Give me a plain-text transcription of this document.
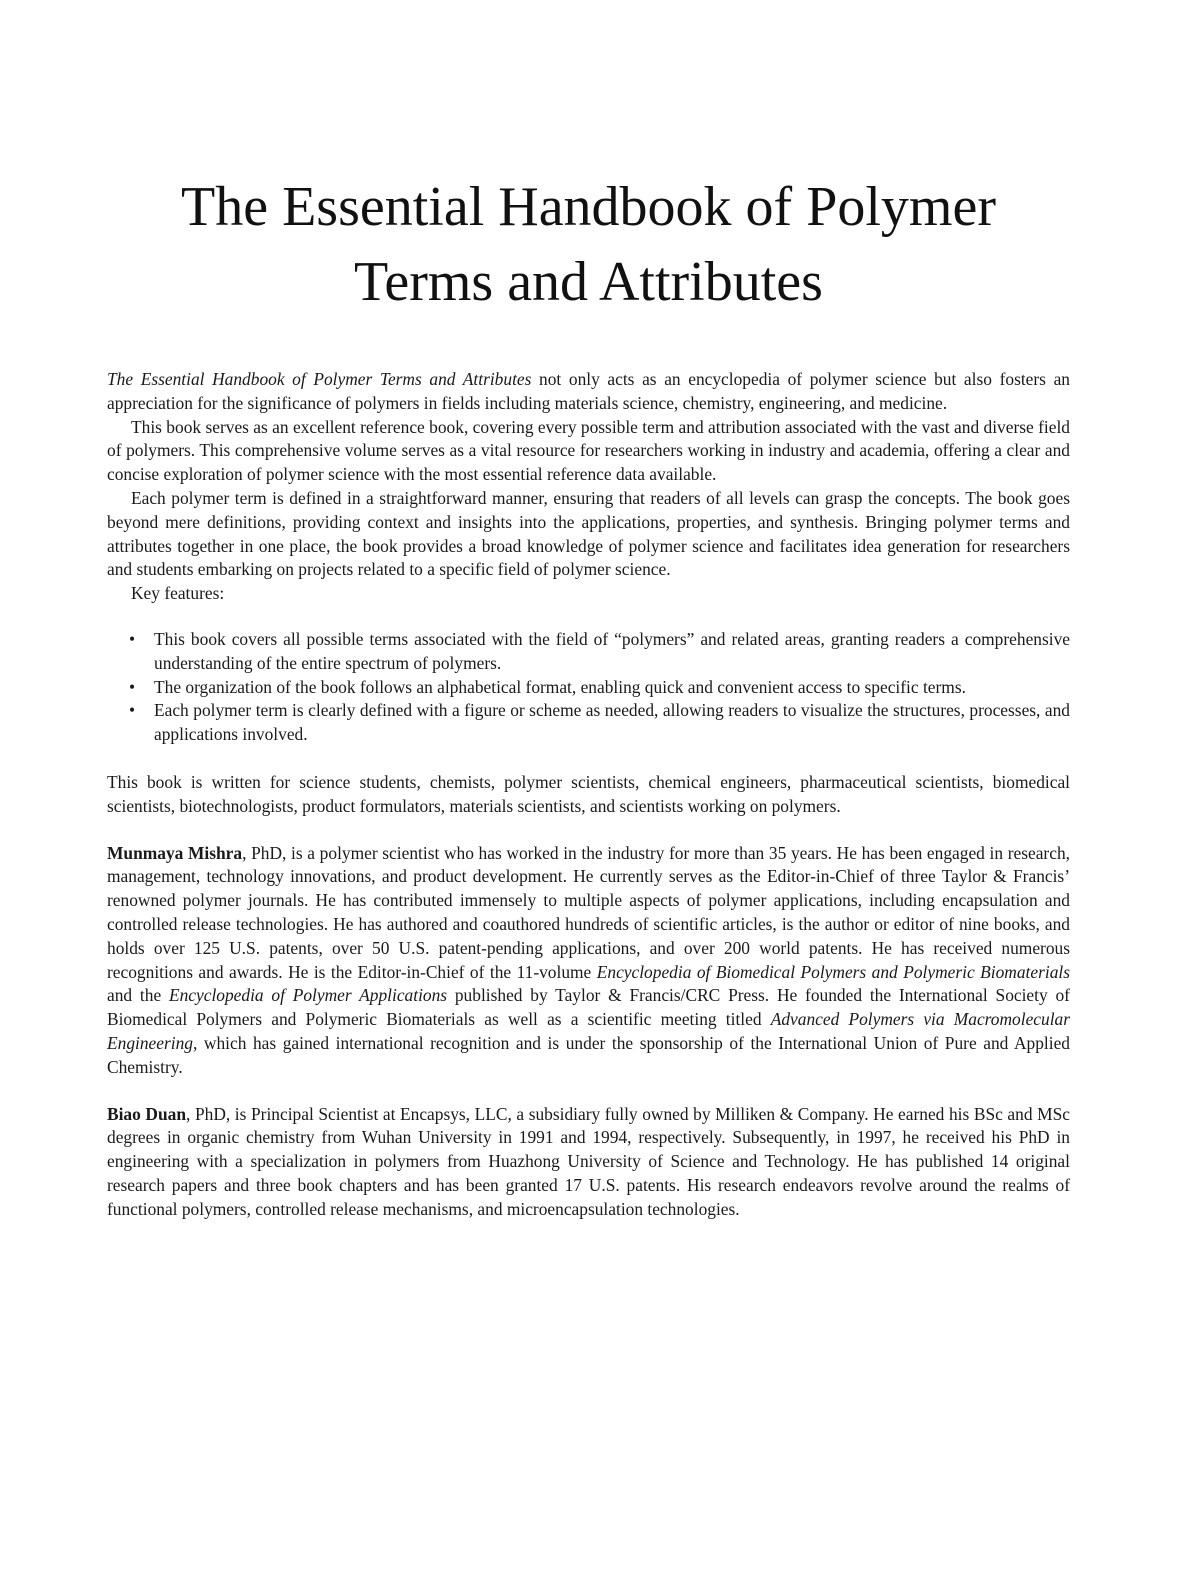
The Essential Handbook of Polymer
Terms and Attributes

The Essential Handbook of Polymer Terms and Attributes not only acts as an encyclopedia of polymer science but also fosters an appreciation for the significance of polymers in fields including materials science, chemistry, engineering, and medicine.

This book serves as an excellent reference book, covering every possible term and attribution associated with the vast and diverse field of polymers. This comprehensive volume serves as a vital resource for researchers working in industry and academia, offering a clear and concise exploration of polymer science with the most essential reference data available.

Each polymer term is defined in a straightforward manner, ensuring that readers of all levels can grasp the concepts. The book goes beyond mere definitions, providing context and insights into the applications, properties, and synthesis. Bringing polymer terms and attributes together in one place, the book provides a broad knowledge of polymer science and facilitates idea generation for researchers and students embarking on projects related to a specific field of polymer science.

Key features:

• This book covers all possible terms associated with the field of “polymers” and related areas, granting readers a comprehensive understanding of the entire spectrum of polymers.
• The organization of the book follows an alphabetical format, enabling quick and convenient access to specific terms.
• Each polymer term is clearly defined with a figure or scheme as needed, allowing readers to visualize the structures, processes, and applications involved.

This book is written for science students, chemists, polymer scientists, chemical engineers, pharmaceutical scientists, biomedical scientists, biotechnologists, product formulators, materials scientists, and scientists working on polymers.

Munmaya Mishra, PhD, is a polymer scientist who has worked in the industry for more than 35 years. He has been engaged in research, management, technology innovations, and product development. He currently serves as the Editor-in-Chief of three Taylor & Francis’ renowned polymer journals. He has contributed immensely to multiple aspects of polymer applications, including encapsulation and controlled release technologies. He has authored and coauthored hundreds of scientific articles, is the author or editor of nine books, and holds over 125 U.S. patents, over 50 U.S. patent-pending applications, and over 200 world patents. He has received numerous recognitions and awards. He is the Editor-in-Chief of the 11-volume Encyclopedia of Biomedical Polymers and Polymeric Biomaterials and the Encyclopedia of Polymer Applications published by Taylor & Francis/CRC Press. He founded the International Society of Biomedical Polymers and Polymeric Biomaterials as well as a scientific meeting titled Advanced Polymers via Macromolecular Engineering, which has gained international recognition and is under the sponsorship of the International Union of Pure and Applied Chemistry.

Biao Duan, PhD, is Principal Scientist at Encapsys, LLC, a subsidiary fully owned by Milliken & Company. He earned his BSc and MSc degrees in organic chemistry from Wuhan University in 1991 and 1994, respectively. Subsequently, in 1997, he received his PhD in engineering with a specialization in polymers from Huazhong University of Science and Technology. He has published 14 original research papers and three book chapters and has been granted 17 U.S. patents. His research endeavors revolve around the realms of functional polymers, controlled release mechanisms, and microencapsulation technologies.
